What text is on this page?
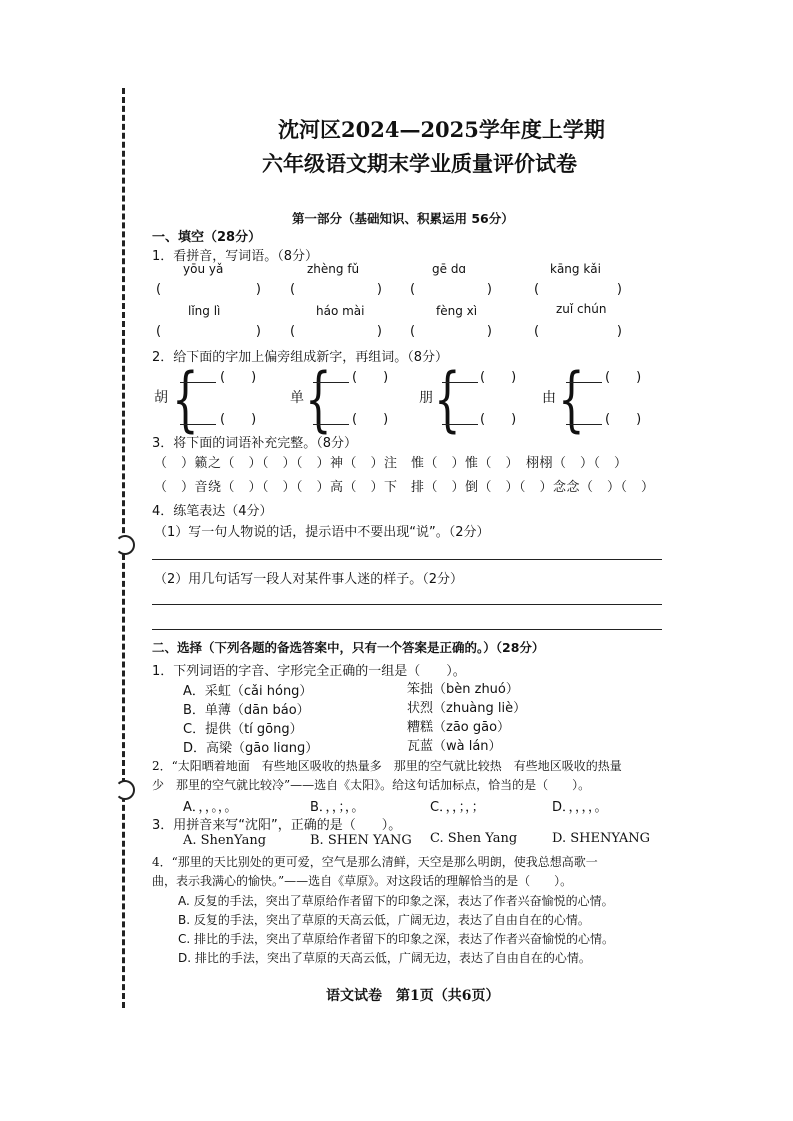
沈河区2024—2025学年度上学期
六年级语文期末学业质量评价试卷
第一部分（基础知识、积累运用 56分）
一、填空（28分）
1．看拼音，写词语。（8分）
yōu yǎ	zhèng fǔ	gē dɑ	kāng kǎi
(	) (	) (	)	(	)
lǐng lì	háo mài	fèng xì	zuǐ chún
(	) (	) (	)	(	)
2．给下面的字加上偏旁组成新字，再组词。（8分）
胡 { (　　)
(　　)
单 { (　　)
(　　)
朋 { (　　)
(　　)
由 { (　　)
(　　)
3．将下面的词语补充完整。（8分）
（　）籁之（　）（　）（　）神（　）注　惟（　）惟（　）　栩栩（　）（　）
（　）音绕（　）（　）（　）高（　）下　排（　）倒（　）（　）念念（　）（　）
4．练笔表达（4分）
（1）写一句人物说的话，提示语中不要出现“说”。（2分）
（2）用几句话写一段人对某件事人迷的样子。（2分）
二、选择（下列各题的备选答案中，只有一个答案是正确的。）（28分）
1．下列词语的字音、字形完全正确的一组是（　　）。
A．采虹（cǎi hóng）	笨拙（bèn zhuó）
B．单薄（dān báo）	状烈（zhuàng liè）
C．提供（tí gōng）	糟糕（zāo gāo）
D．高梁（gāo liɑnɡ）	瓦蓝（wà lán）
2．“太阳晒着地面　有些地区吸收的热量多　那里的空气就比较热　有些地区吸收的热量
少　那里的空气就比较冷”——选自《太阳》。给这句话加标点，恰当的是（　　）。
A．，，。，。	B．，，；，。	C．，，；，；	D．，，，，。
3．用拼音来写“沈阳”，正确的是（　　）。
A. ShenYang	B. SHEN YANG C. Shen Yang	D. SHENYANG
4．“那里的天比别处的更可爱，空气是那么清鲜，天空是那么明朗，使我总想高歌一
曲，表示我满心的愉快。”——选自《草原》。对这段话的理解恰当的是（　　）。
A. 反复的手法，突出了草原给作者留下的印象之深，表达了作者兴奋愉悦的心情。
B. 反复的手法，突出了草原的天高云低，广阔无边，表达了自由自在的心情。
C. 排比的手法，突出了草原给作者留下的印象之深，表达了作者兴奋愉悦的心情。
D. 排比的手法，突出了草原的天高云低，广阔无边，表达了自由自在的心情。
语文试卷　第1页（共6页）
